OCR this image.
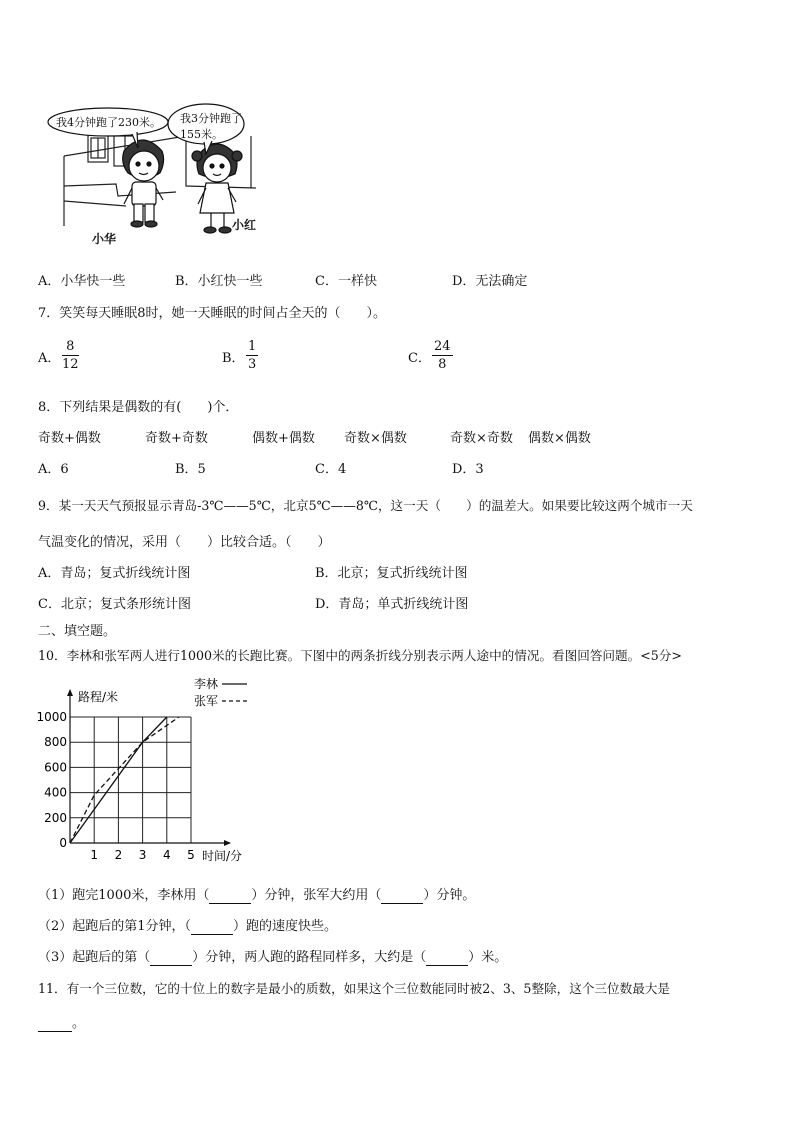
我4分钟跑了230米。 我3分钟跑了
155米。
小华
小红
A．小华快一些	B．小红快一些	C．一样快	D．无法确定
7．笑笑每天睡眠8时，她一天睡眠的时间占全天的（　　）。
A． $\frac{8}{12}$	B． $\frac{1}{3}$	C． $\frac{24}{8}$
8．下列结果是偶数的有(　　)个．
奇数+偶数	奇数+奇数	偶数+偶数 奇数×偶数	奇数×奇数 偶数×偶数
A．6	B．5	C．4	D．3
9．某一天天气预报显示青岛-3℃——5℃，北京5℃——8℃，这一天（　　）的温差大。如果要比较这两个城市一天
气温变化的情况，采用（　　）比较合适。（　　）
A．青岛；复式折线统计图	B．北京；复式折线统计图
C．北京；复式条形统计图	D．青岛；单式折线统计图
二、填空题。
10．李林和张军两人进行1000米的长跑比赛。下图中的两条折线分别表示两人途中的情况。看图回答问题。<5分>
0
200
400
600
800
1000
1 2 3 4 5
李林
张军
路程/米
时间/分
（1）跑完1000米，李林用（	）分钟，张军大约用（	）分钟。
（2）起跑后的第1分钟，（	）跑的速度快些。
（3）起跑后的第（	）分钟，两人跑的路程同样多，大约是（	）米。
11．有一个三位数，它的十位上的数字是最小的质数，如果这个三位数能同时被2、3、5整除，这个三位数最大是
。
